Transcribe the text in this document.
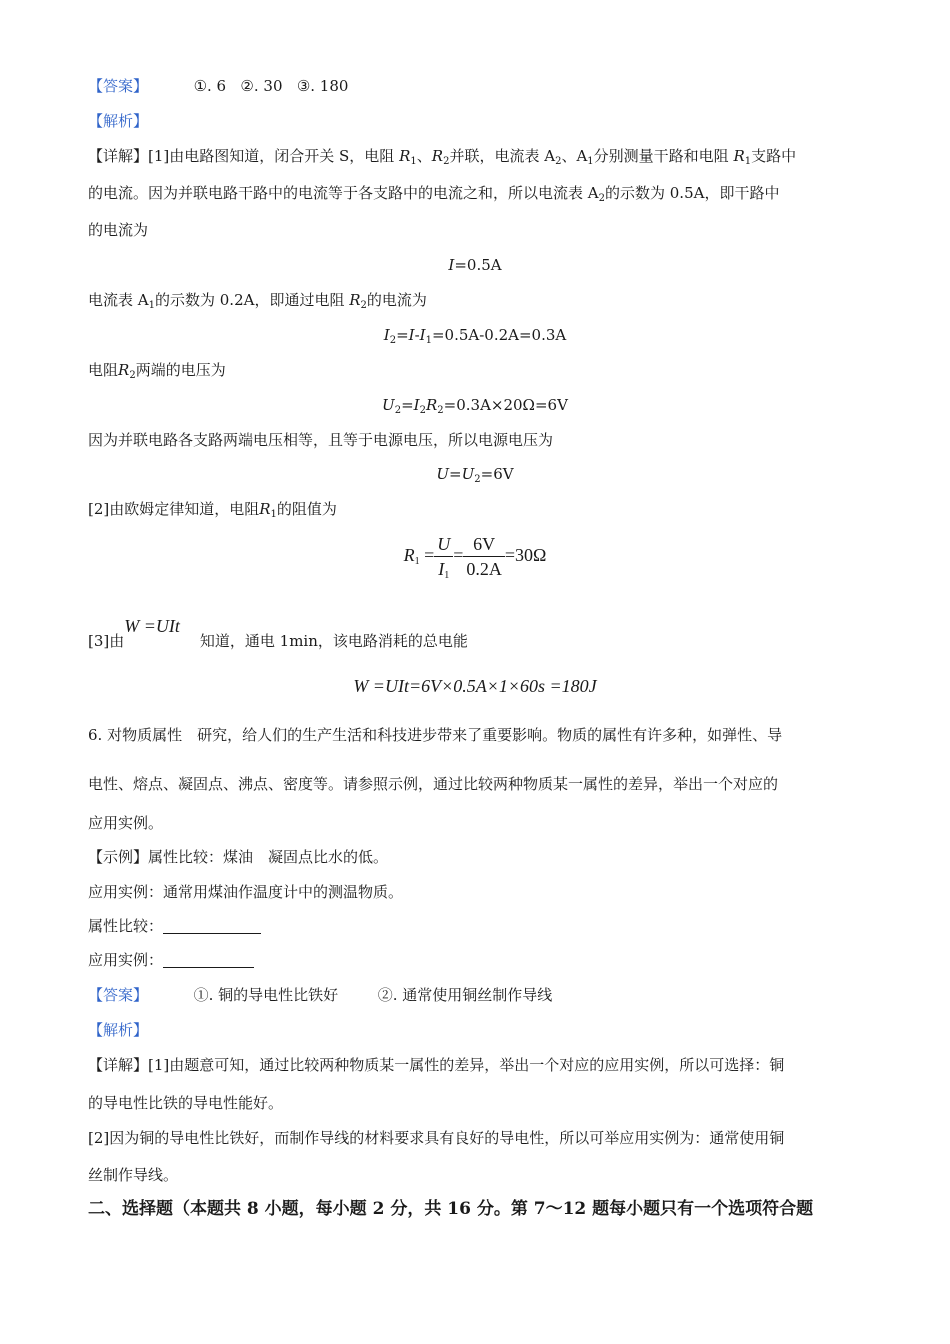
【答案】	①. 6 ②. 30 ③. 180
【解析】
【详解】[1]由电路图知道，闭合开关 S，电阻 $R_1$、$R_2$并联，电流表 $A_2$、$A_1$分别测量干路和电阻 $R_1$支路中
的电流。因为并联电路干路中的电流等于各支路中的电流之和，所以电流表 $A_2$的示数为 0.5A，即干路中
的电流为
I=0.5A
电流表 $A_1$的示数为 0.2A，即通过电阻 $R_2$的电流为
$I_2=I-I_1=0.5A-0.2A=0.3A$
电阻$R_2$两端的电压为
$U_2=I_2R_2=0.3A\times 20\Omega=6V$
因为并联电路各支路两端电压相等，且等于电源电压，所以电源电压为
$U=U_2=6V$
[2]由欧姆定律知道，电阻$R_1$的阻值为
$R_1 = \frac{U}{I_1} = \frac{6V}{0.2A} =30\Omega$
[3]由W =UIt知道，通电 1min，该电路消耗的总电能
W =UIt=6V×0.5A×1×60s =180J
6. 对物质属性　研究，给人们的生产生活和科技进步带来了重要影响。物质的属性有许多种，如弹性、导
电性、熔点、凝固点、沸点、密度等。请参照示例，通过比较两种物质某一属性的差异，举出一个对应的
应用实例。
【示例】属性比较：煤油　凝固点比水的低。
应用实例：通常用煤油作温度计中的测温物质。
属性比较：
应用实例：
【答案】	①. 铜的导电性比铁好	②. 通常使用铜丝制作导线
【解析】
【详解】[1]由题意可知，通过比较两种物质某一属性的差异，举出一个对应的应用实例，所以可选择：铜
的导电性比铁的导电性能好。
[2]因为铜的导电性比铁好，而制作导线的材料要求具有良好的导电性，所以可举应用实例为：通常使用铜
丝制作导线。
二、选择题（本题共 8 小题，每小题 2 分，共 16 分。第 7～12 题每小题只有一个选项符合题
